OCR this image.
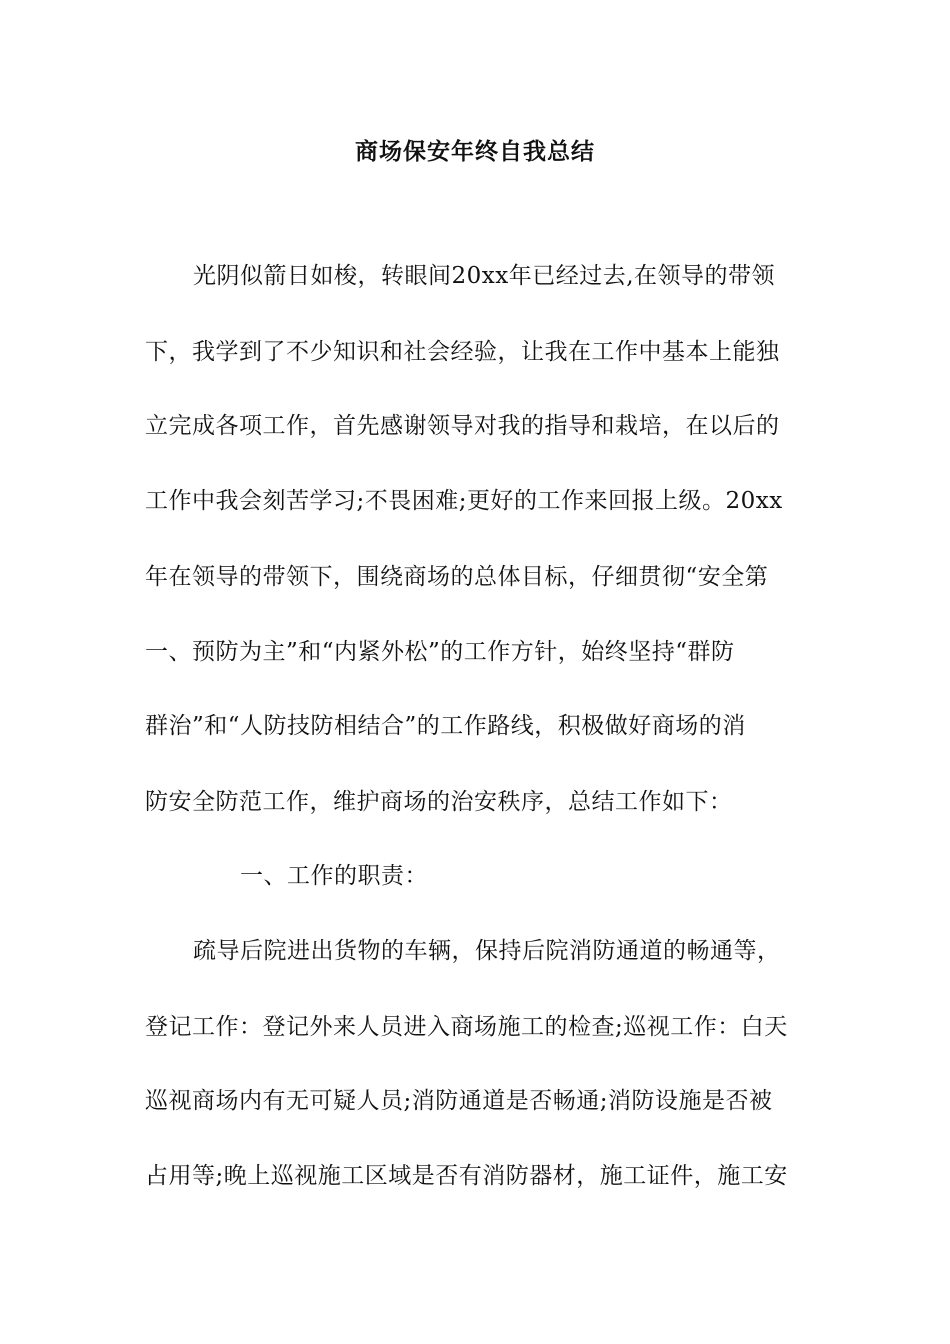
商场保安年终自我总结
光阴似箭日如梭，转眼间20xx年已经过去,在领导的带领
下，我学到了不少知识和社会经验，让我在工作中基本上能独
立完成各项工作，首先感谢领导对我的指导和栽培，在以后的
工作中我会刻苦学习;不畏困难;更好的工作来回报上级。20xx
年在领导的带领下，围绕商场的总体目标，仔细贯彻“安全第
一、预防为主”和“内紧外松”的工作方针，始终坚持“群防
群治”和“人防技防相结合”的工作路线，积极做好商场的消
防安全防范工作，维护商场的治安秩序，总结工作如下：
一、工作的职责：
疏导后院进出货物的车辆，保持后院消防通道的畅通等，
登记工作：登记外来人员进入商场施工的检查;巡视工作：白天
巡视商场内有无可疑人员;消防通道是否畅通;消防设施是否被
占用等;晚上巡视施工区域是否有消防器材，施工证件，施工安
